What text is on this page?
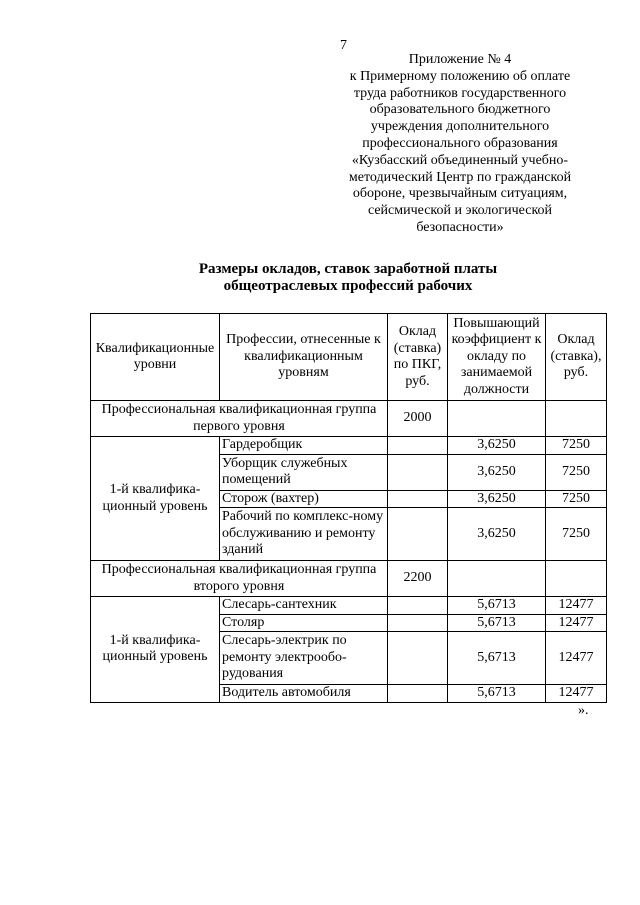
7
Приложение № 4
к Примерному положению об оплате
труда работников государственного
образовательного бюджетного
учреждения дополнительного
профессионального образования
«Кузбасский объединенный учебно-
методический Центр по гражданской
обороне, чрезвычайным ситуациям,
сейсмической и экологической
безопасности»
Размеры окладов, ставок заработной платы
общеотраслевых профессий рабочих
Квалификационные уровни	Профессии, отнесенные к квалификационным уровням	Оклад (ставка) по ПКГ, руб.	Повышающий коэффициент к окладу по занимаемой должности	Оклад (ставка), руб.
Профессиональная квалификационная группа первого уровня		2000		
1-й квалифика-ционный уровень	Гардеробщик		3,6250	7250
	Уборщик служебных помещений		3,6250	7250
	Сторож (вахтер)		3,6250	7250
	Рабочий по комплекс-ному обслуживанию и ремонту зданий		3,6250	7250
Профессиональная квалификационная группа второго уровня		2200		
1-й квалифика-ционный уровень	Слесарь-сантехник		5,6713	12477
	Столяр		5,6713	12477
	Слесарь-электрик по ремонту электрообо-рудования		5,6713	12477
	Водитель автомобиля		5,6713	12477
».
